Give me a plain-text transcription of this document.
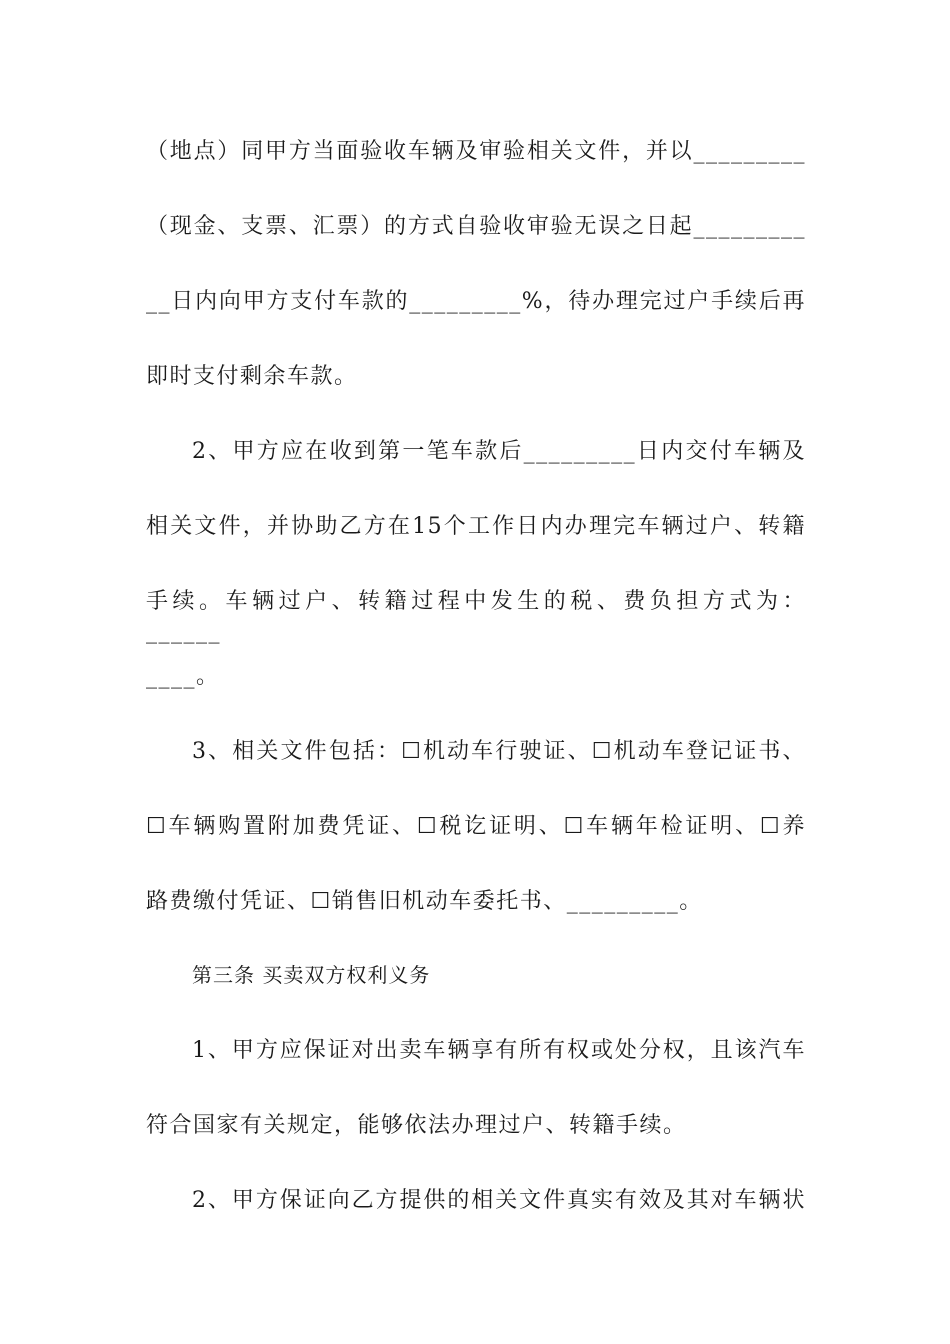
（地点）同甲方当面验收车辆及审验相关文件，并以_________
（现金、支票、汇票）的方式自验收审验无误之日起_________
__日内向甲方支付车款的_________%，待办理完过户手续后再
即时支付剩余车款。
2、甲方应在收到第一笔车款后_________日内交付车辆及
相关文件，并协助乙方在15个工作日内办理完车辆过户、转籍
手续。车辆过户、转籍过程中发生的税、费负担方式为：______
____。
3、相关文件包括：☐机动车行驶证、☐机动车登记证书、
☐车辆购置附加费凭证、☐税讫证明、☐车辆年检证明、☐养
路费缴付凭证、☐销售旧机动车委托书、_________。
第三条 买卖双方权利义务
1、甲方应保证对出卖车辆享有所有权或处分权，且该汽车
符合国家有关规定，能够依法办理过户、转籍手续。
2、甲方保证向乙方提供的相关文件真实有效及其对车辆状
